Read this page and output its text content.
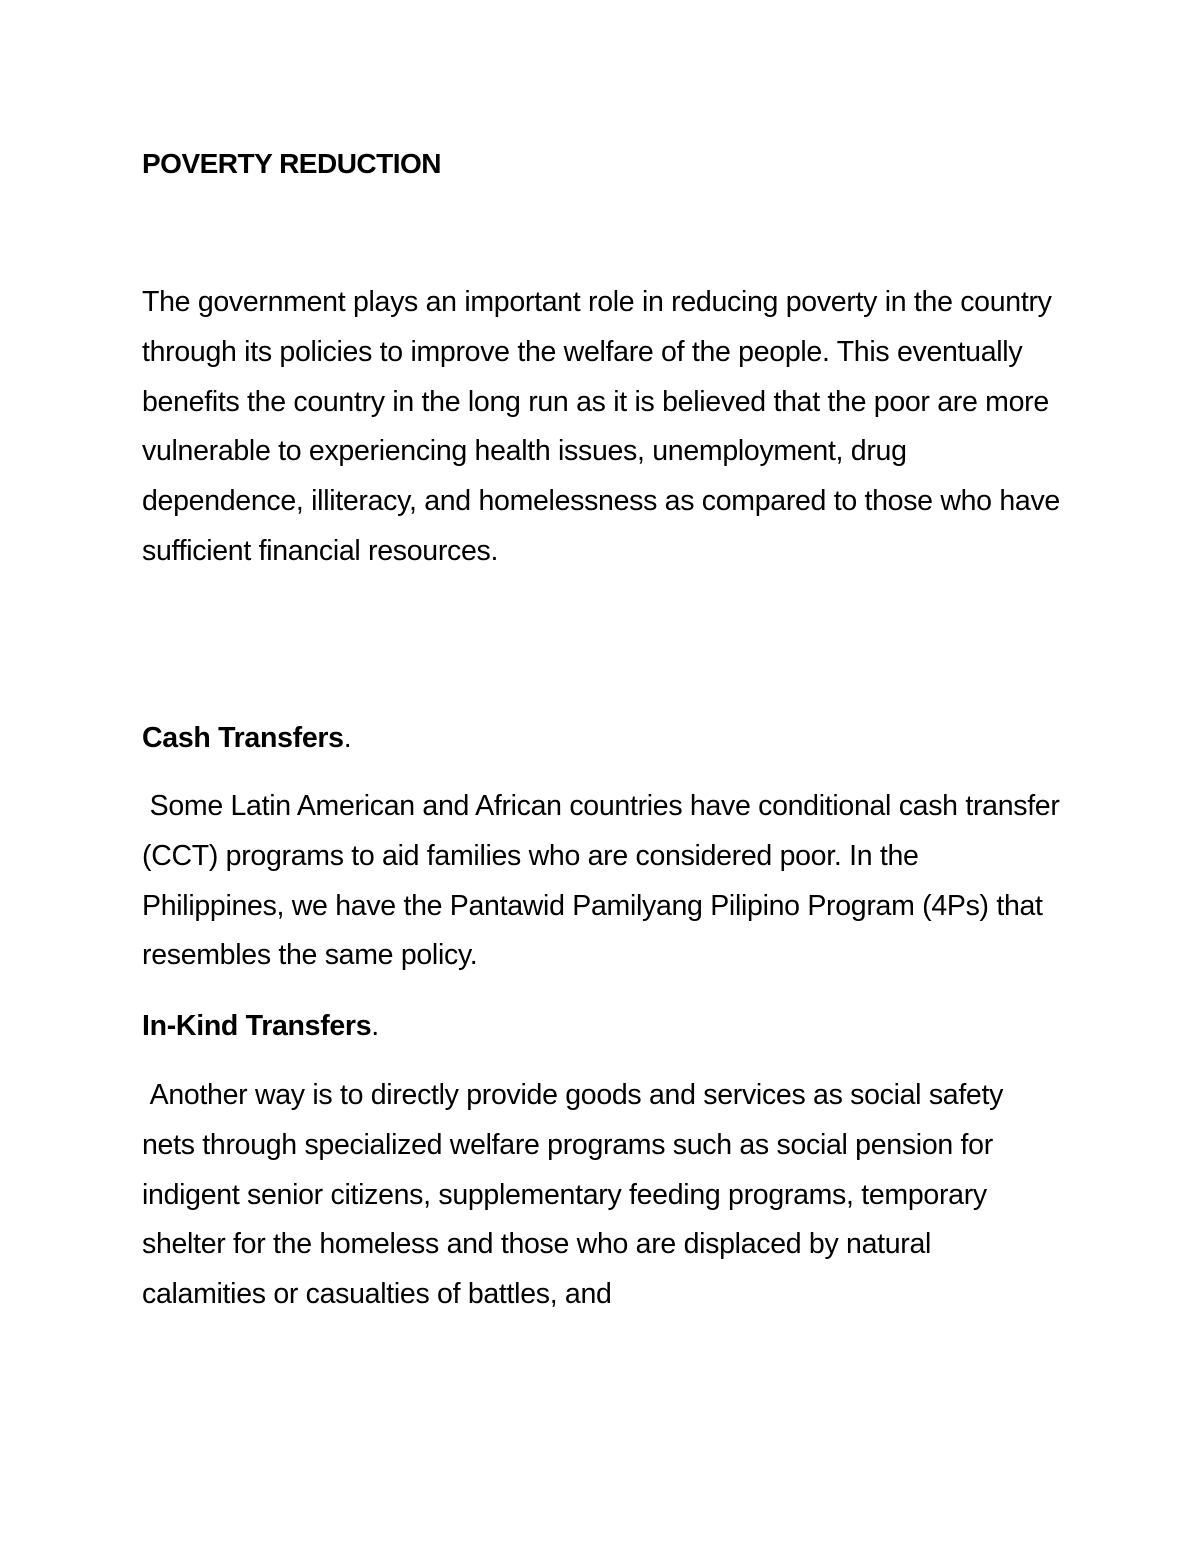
POVERTY REDUCTION

The government plays an important role in reducing poverty in the country through its policies to improve the welfare of the people. This eventually benefits the country in the long run as it is believed that the poor are more vulnerable to experiencing health issues, unemployment, drug dependence, illiteracy, and homelessness as compared to those who have sufficient financial resources.

Cash Transfers.

Some Latin American and African countries have conditional cash transfer (CCT) programs to aid families who are considered poor. In the Philippines, we have the Pantawid Pamilyang Pilipino Program (4Ps) that resembles the same policy.

In-Kind Transfers.

Another way is to directly provide goods and services as social safety nets through specialized welfare programs such as social pension for indigent senior citizens, supplementary feeding programs, temporary shelter for the homeless and those who are displaced by natural calamities or casualties of battles, and
